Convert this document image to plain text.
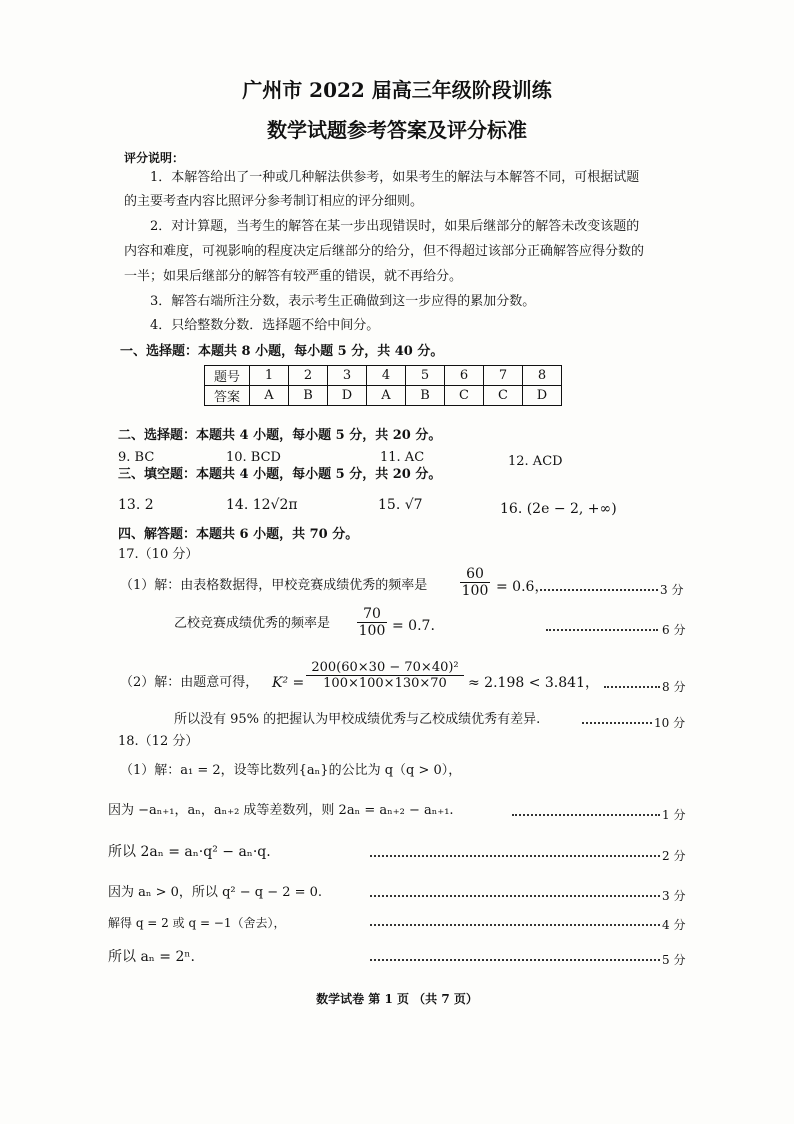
广州市 2022 届高三年级阶段训练
数学试题参考答案及评分标准
评分说明：
1．本解答给出了一种或几种解法供参考，如果考生的解法与本解答不同，可根据试题
的主要考查内容比照评分参考制订相应的评分细则。
2．对计算题，当考生的解答在某一步出现错误时，如果后继部分的解答未改变该题的
内容和难度，可视影响的程度决定后继部分的给分，但不得超过该部分正确解答应得分数的
一半；如果后继部分的解答有较严重的错误，就不再给分。
3．解答右端所注分数，表示考生正确做到这一步应得的累加分数。
4．只给整数分数．选择题不给中间分。
一、选择题：本题共 8 小题，每小题 5 分，共 40 分。
题号	1	2	3	4	5	6	7	8
答案	A	B	D	A	B	C	C	D
二、选择题：本题共 4 小题，每小题 5 分，共 20 分。
9. BC	10. BCD	11. AC	12. ACD
三、填空题：本题共 4 小题，每小题 5 分，共 20 分。
13. 2	14. 12√2π	15. √7	16. (2e − 2, +∞)
四、解答题：本题共 6 小题，共 70 分。
17.（10 分）
（1）解：由表格数据得，甲校竞赛成绩优秀的频率是 $\frac{60}{100} = 0.6$，	3 分
乙校竞赛成绩优秀的频率是 $\frac{70}{100} = 0.7$.	6 分
（2）解：由题意可得， $K^2 = \frac{\text{200(60×30 − 70×40)²}}{100\times 100\times 130\times 70} \approx 2.198 < 3.841$，	8 分
所以没有 95% 的把握认为甲校成绩优秀与乙校成绩优秀有差异.	10 分
18.（12 分）
（1）解：a₁ = 2，设等比数列{aₙ}的公比为 q（q > 0），
因为 −aₙ₊₁，aₙ，aₙ₊₂ 成等差数列，则 2aₙ = aₙ₊₂ − aₙ₊₁.	1 分
所以 2aₙ = aₙ·q² − aₙ·q.	2 分
因为 aₙ > 0，所以 q² − q − 2 = 0.	3 分
解得 q = 2 或 q = −1（舍去），	4 分
所以 aₙ = 2ⁿ.	5 分
数学试卷 第 1 页 （共 7 页）
